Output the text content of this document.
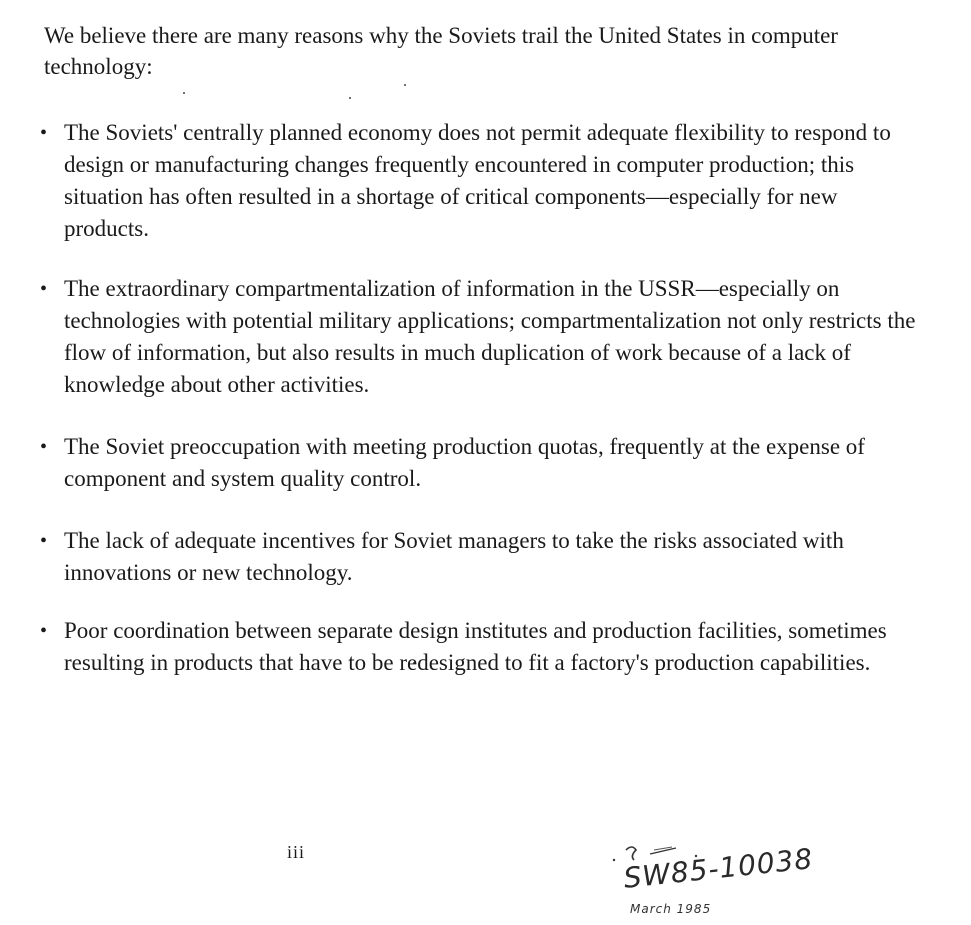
We believe there are many reasons why the Soviets trail the United States in computer technology:

• The Soviets' centrally planned economy does not permit adequate flexibility to respond to design or manufacturing changes frequently encountered in computer production; this situation has often resulted in a shortage of critical components—especially for new products.
• The extraordinary compartmentalization of information in the USSR—especially on technologies with potential military applications; compartmentalization not only restricts the flow of information, but also results in much duplication of work because of a lack of knowledge about other activities.
• The Soviet preoccupation with meeting production quotas, frequently at the expense of component and system quality control.
• The lack of adequate incentives for Soviet managers to take the risks associated with innovations or new technology.
• Poor coordination between separate design institutes and production facilities, sometimes resulting in products that have to be redesigned to fit a factory's production capabilities.

iii	SW85-10038

March 1985
